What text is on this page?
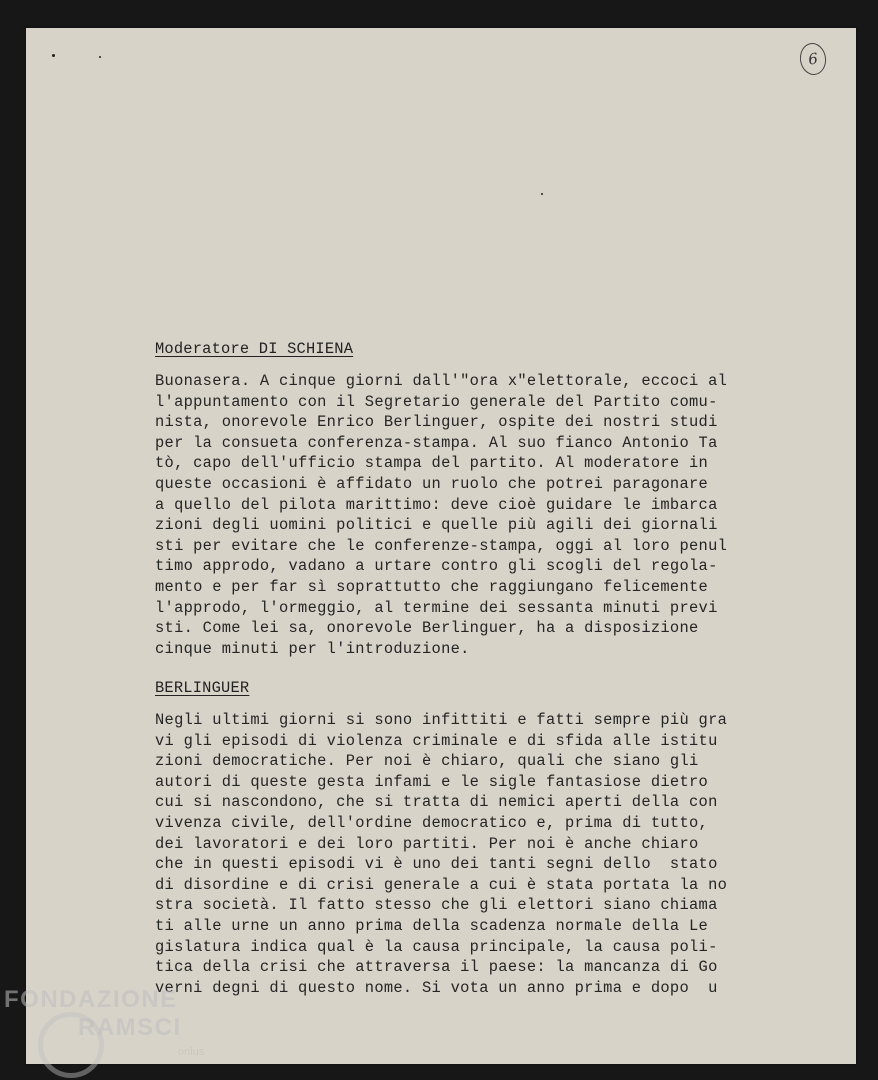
6
Moderatore DI SCHIENA
Buonasera. A cinque giorni dall'"ora x"elettorale, eccoci al
l'appuntamento con il Segretario generale del Partito comu-
nista, onorevole Enrico Berlinguer, ospite dei nostri studi
per la consueta conferenza-stampa. Al suo fianco Antonio Ta
tò, capo dell'ufficio stampa del partito. Al moderatore in
queste occasioni è affidato un ruolo che potrei paragonare
a quello del pilota marittimo: deve cioè guidare le imbarca
zioni degli uomini politici e quelle più agili dei giornali
sti per evitare che le conferenze-stampa, oggi al loro penul
timo approdo, vadano a urtare contro gli scogli del regola-
mento e per far sì soprattutto che raggiungano felicemente
l'approdo, l'ormeggio, al termine dei sessanta minuti previ
sti. Come lei sa, onorevole Berlinguer, ha a disposizione
cinque minuti per l'introduzione.
BERLINGUER
Negli ultimi giorni si sono infittiti e fatti sempre più gra
vi gli episodi di violenza criminale e di sfida alle istitu
zioni democratiche. Per noi è chiaro, quali che siano gli
autori di queste gesta infami e le sigle fantasiose dietro
cui si nascondono, che si tratta di nemici aperti della con
vivenza civile, dell'ordine democratico e, prima di tutto,
dei lavoratori e dei loro partiti. Per noi è anche chiaro
che in questi episodi vi è uno dei tanti segni dello  stato
di disordine e di crisi generale a cui è stata portata la no
stra società. Il fatto stesso che gli elettori siano chiama
ti alle urne un anno prima della scadenza normale della Le
gislatura indica qual è la causa principale, la causa poli-
tica della crisi che attraversa il paese: la mancanza di Go
verni degni di questo nome. Si vota un anno prima e dopo  u
FONDAZIONE
RAMSCI
onlus
